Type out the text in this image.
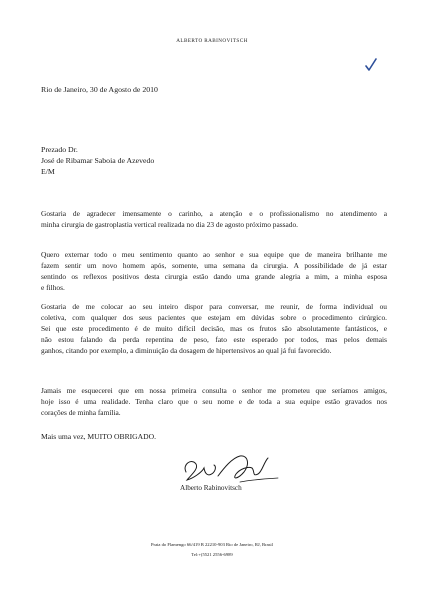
ALBERTO RABINOVITSCH
Rio de Janeiro, 30 de Agosto de 2010
Prezado Dr.
José de Ribamar Saboia de Azevedo
E/M
Gostaria de agradecer imensamente o carinho, a atenção e o profissionalismo no atendimento a
minha cirurgia de gastroplastia vertical realizada no dia 23 de agosto próximo passado.
Quero externar todo o meu sentimento quanto ao senhor e sua equipe que de maneira brilhante me
fazem sentir um novo homem após, somente, uma semana da cirurgia. A possibilidade de já estar
sentindo os reflexos positivos desta cirurgia estão dando uma grande alegria a mim, a minha esposa
e filhos.
Gostaria de me colocar ao seu inteiro dispor para conversar, me reunir, de forma individual ou
coletiva, com qualquer dos seus pacientes que estejam em dúvidas sobre o procedimento cirúrgico.
Sei que este procedimento é de muito difícil decisão, mas os frutos são absolutamente fantásticos, e
não estou falando da perda repentina de peso, fato este esperado por todos, mas pelos demais
ganhos, citando por exemplo, a diminuição da dosagem de hipertensivos ao qual já fui favorecido.
Jamais me esquecerei que em nossa primeira consulta o senhor me prometeu que seríamos amigos,
hoje isso é uma realidade. Tenha claro que o seu nome e de toda a sua equipe estão gravados nos
corações de minha família.
Mais uma vez, MUITO OBRIGADO.
Alberto Rabinovitsch
Praia do Flamengo 66/419 B 22210-903 Rio de Janeiro, RJ, Brasil
Tel:+(5521 2556-6989
